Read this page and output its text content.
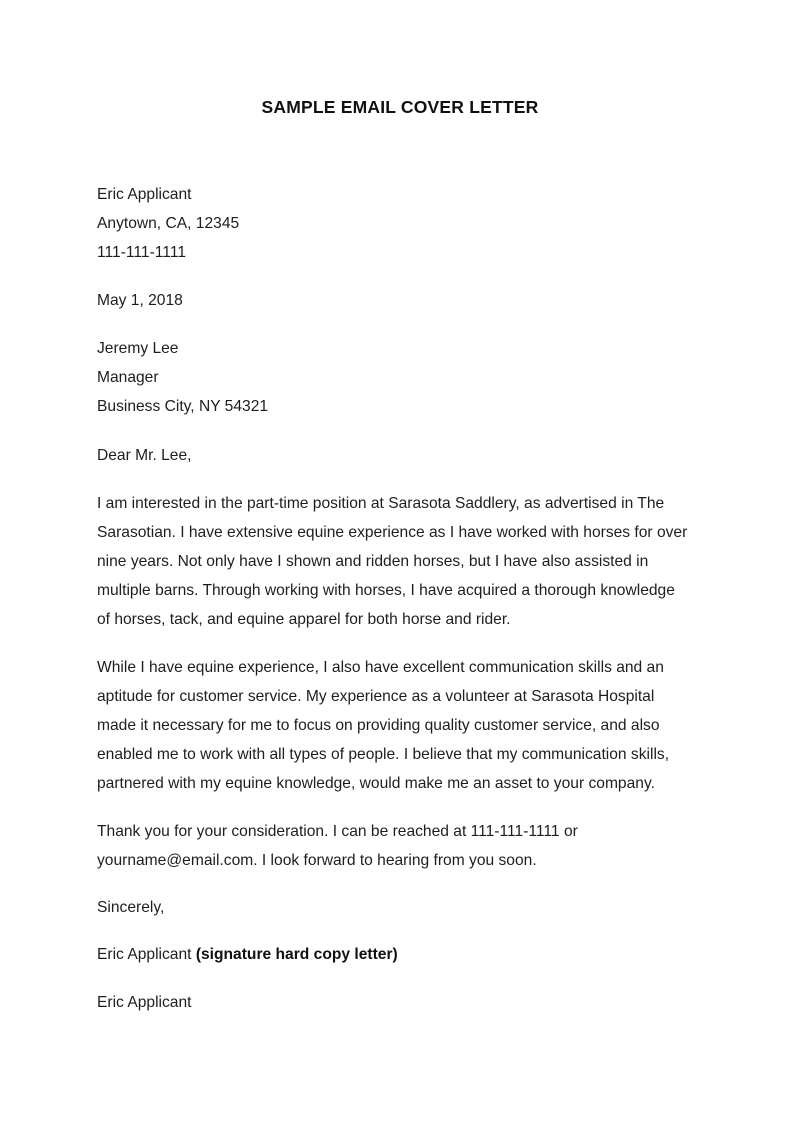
SAMPLE EMAIL COVER LETTER
Eric Applicant
Anytown, CA, 12345
111-111-1111
May 1, 2018
Jeremy Lee
Manager
Business City, NY 54321
Dear Mr. Lee,
I am interested in the part-time position at Sarasota Saddlery, as advertised in The
Sarasotian. I have extensive equine experience as I have worked with horses for over
nine years. Not only have I shown and ridden horses, but I have also assisted in
multiple barns. Through working with horses, I have acquired a thorough knowledge
of horses, tack, and equine apparel for both horse and rider.
While I have equine experience, I also have excellent communication skills and an
aptitude for customer service. My experience as a volunteer at Sarasota Hospital
made it necessary for me to focus on providing quality customer service, and also
enabled me to work with all types of people. I believe that my communication skills,
partnered with my equine knowledge, would make me an asset to your company.
Thank you for your consideration. I can be reached at 111-111-1111 or
yourname@email.com. I look forward to hearing from you soon.
Sincerely,
Eric Applicant (signature hard copy letter)
Eric Applicant
